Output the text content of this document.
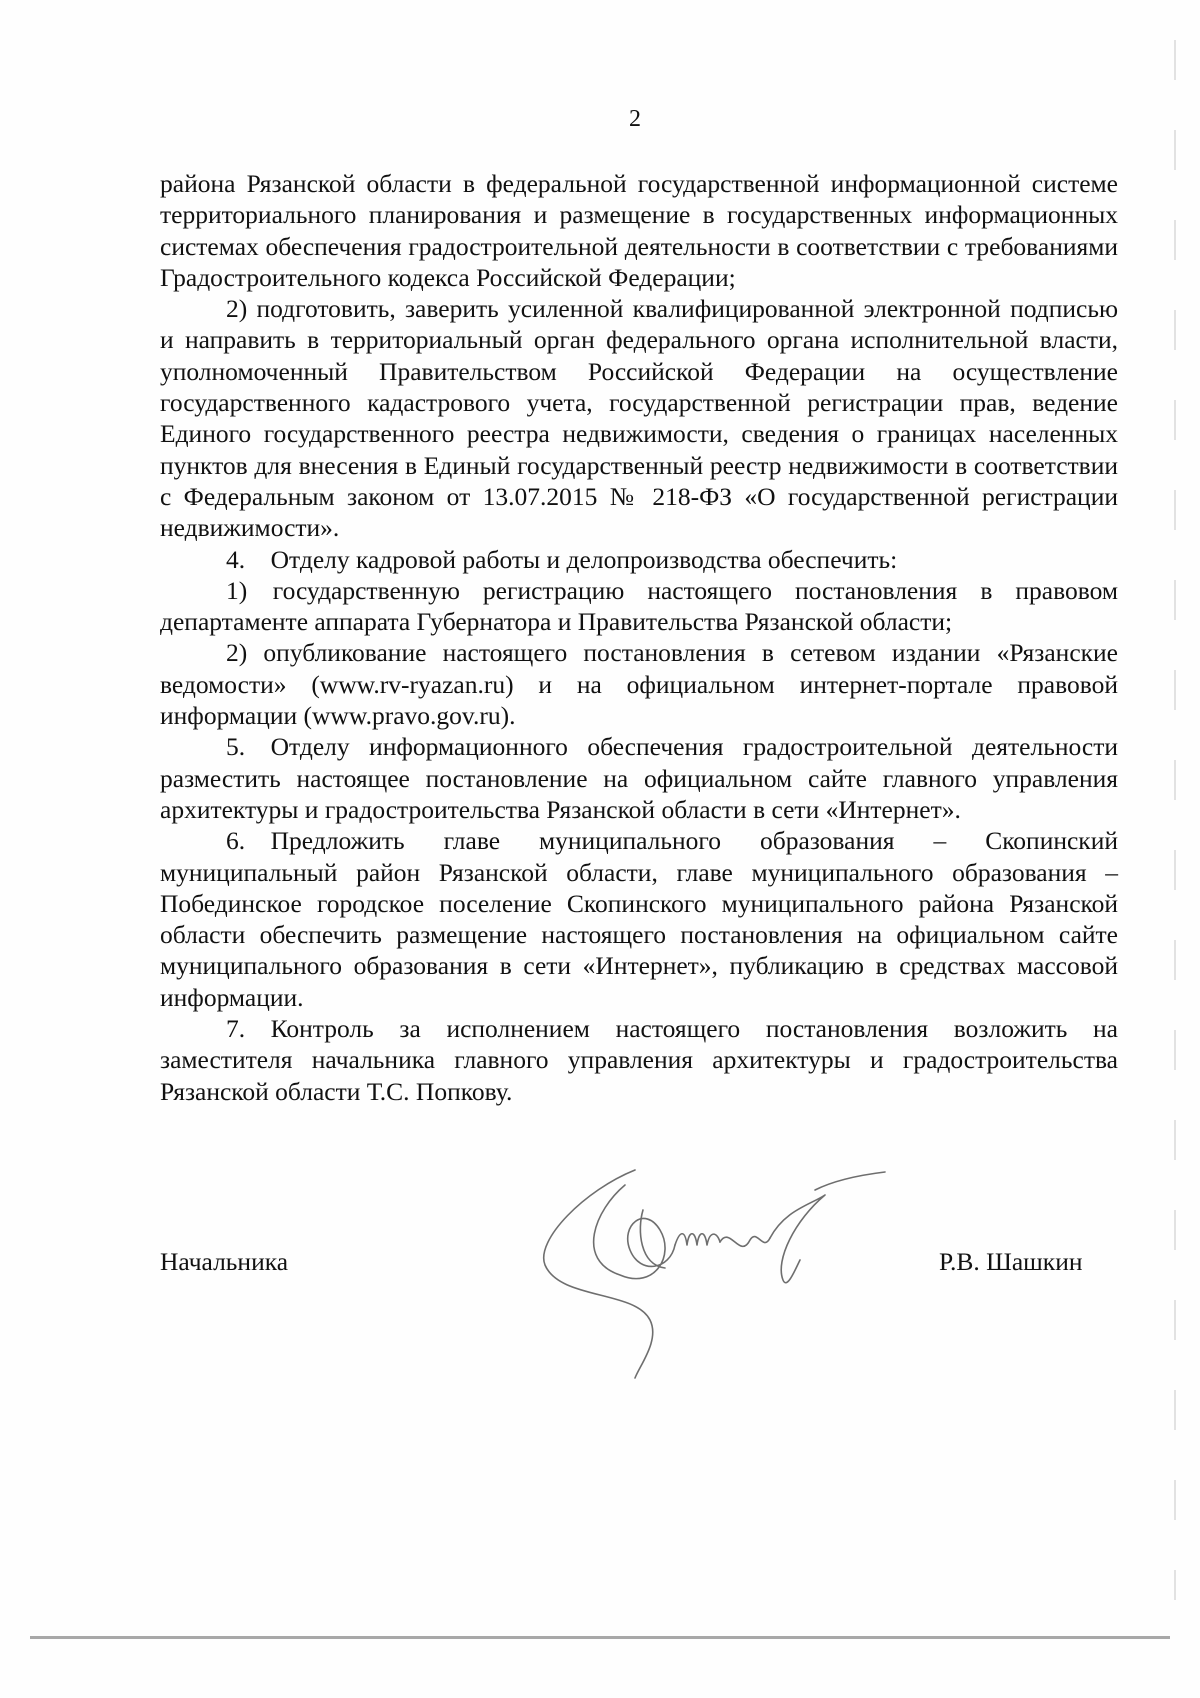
2

района Рязанской области в федеральной государственной информационной системе территориального планирования и размещение в государственных информационных системах обеспечения градостроительной деятельности в соответствии с требованиями Градостроительного кодекса Российской Федерации;

2) подготовить, заверить усиленной квалифицированной электронной подписью и направить в территориальный орган федерального органа исполнительной власти, уполномоченный Правительством Российской Федерации на осуществление государственного кадастрового учета, государственной регистрации прав, ведение Единого государственного реестра недвижимости, сведения о границах населенных пунктов для внесения в Единый государственный реестр недвижимости в соответствии с Федеральным законом от 13.07.2015 № 218-ФЗ «О государственной регистрации недвижимости».

4. Отделу кадровой работы и делопроизводства обеспечить:

1) государственную регистрацию настоящего постановления в правовом департаменте аппарата Губернатора и Правительства Рязанской области;

2) опубликование настоящего постановления в сетевом издании «Рязанские ведомости» (www.rv-ryazan.ru) и на официальном интернет-портале правовой информации (www.pravo.gov.ru).

5. Отделу информационного обеспечения градостроительной деятельности разместить настоящее постановление на официальном сайте главного управления архитектуры и градостроительства Рязанской области в сети «Интернет».

6. Предложить главе муниципального образования – Скопинский муниципальный район Рязанской области, главе муниципального образования – Побединское городское поселение Скопинского муниципального района Рязанской области обеспечить размещение настоящего постановления на официальном сайте муниципального образования в сети «Интернет», публикацию в средствах массовой информации.

7. Контроль за исполнением настоящего постановления возложить на заместителя начальника главного управления архитектуры и градостроительства Рязанской области Т.С. Попкову.

Начальника	Р.В. Шашкин
